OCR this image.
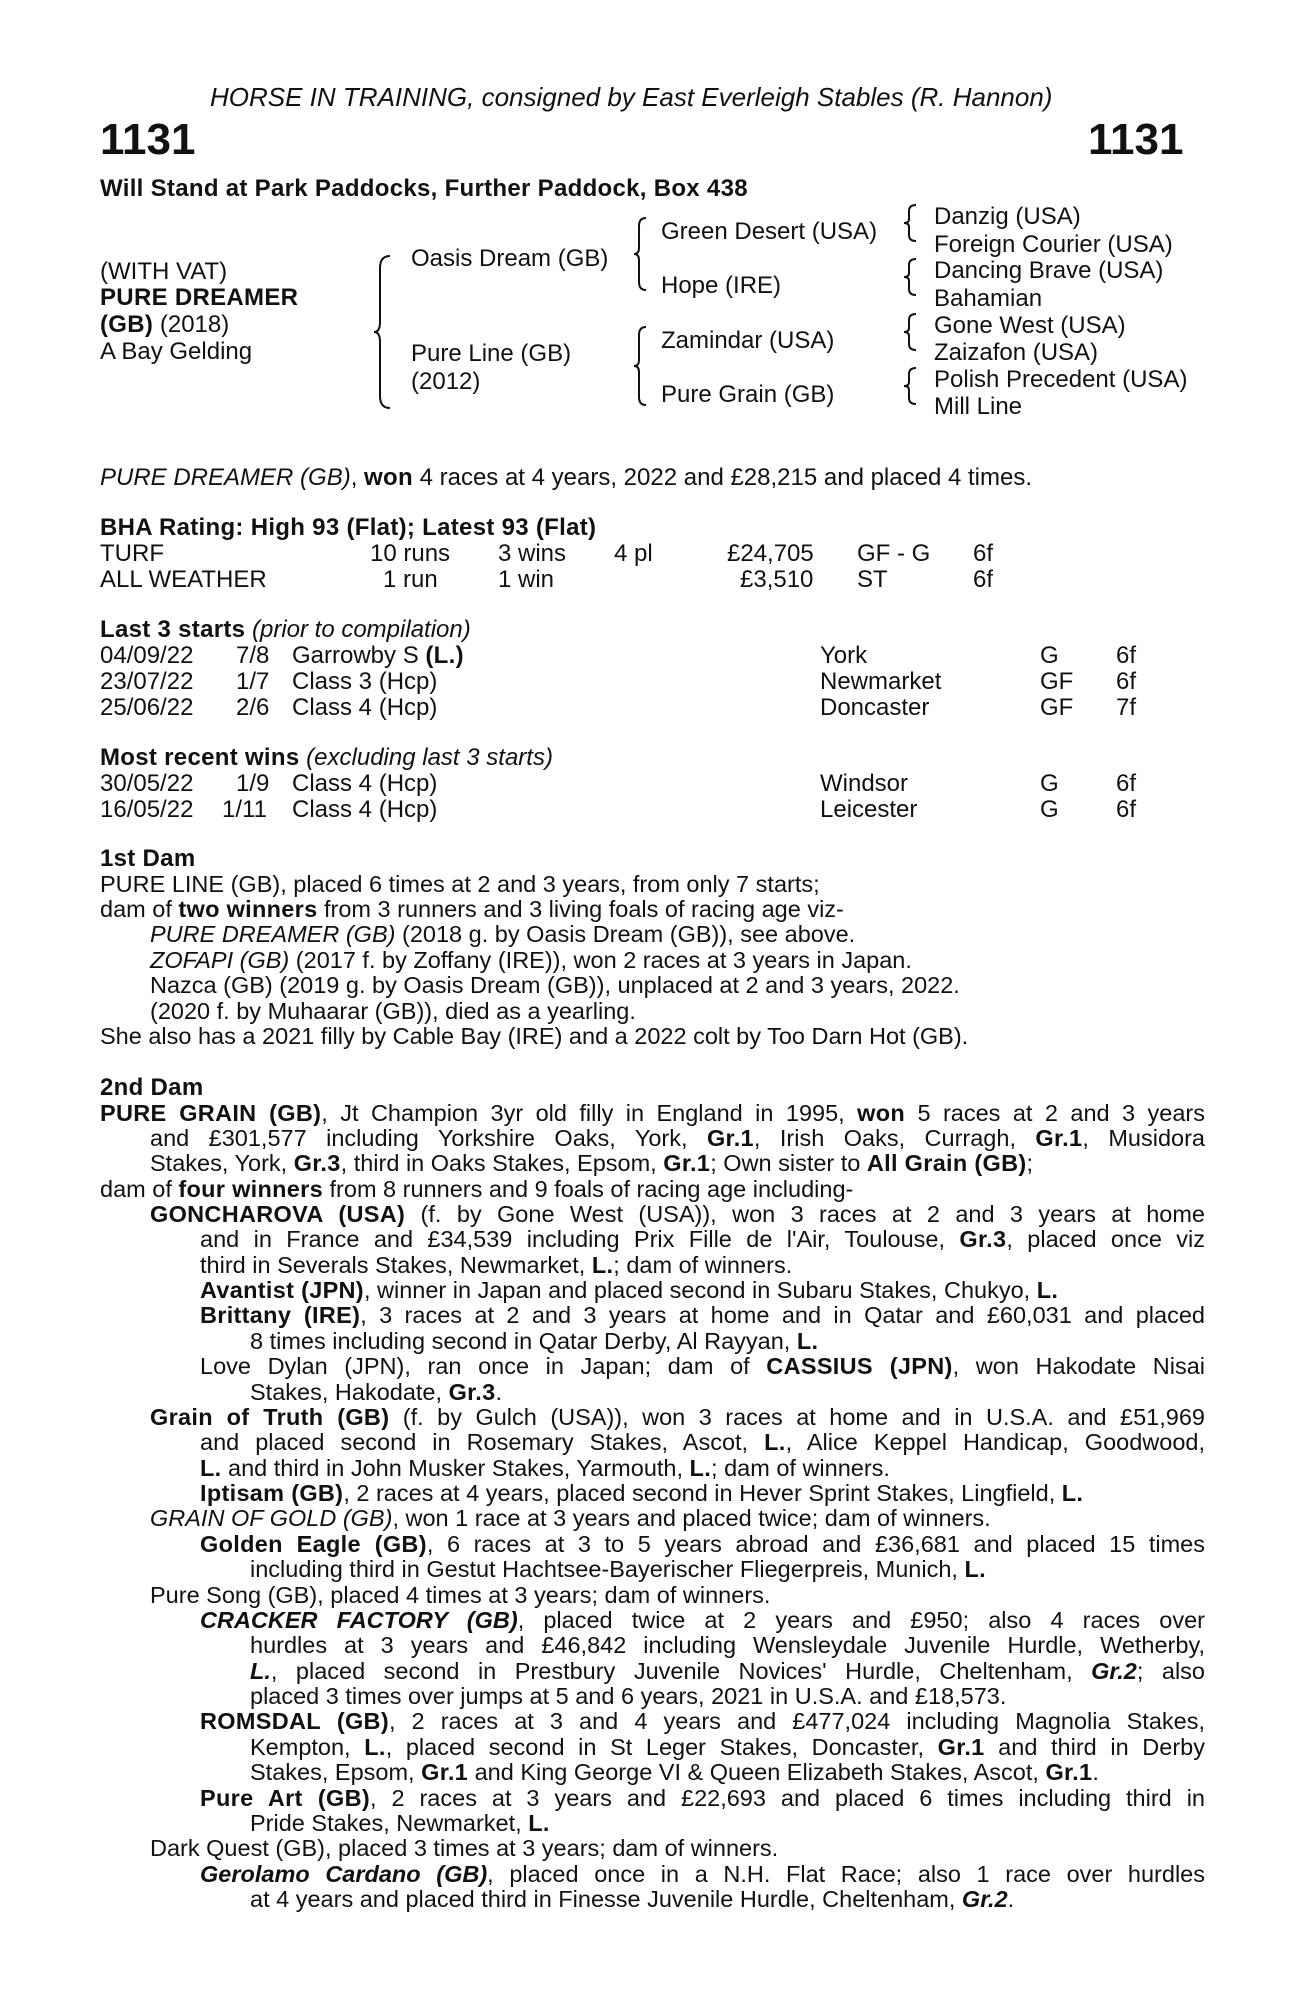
HORSE IN TRAINING, consigned by East Everleigh Stables (R. Hannon)
1131	1131
Will Stand at Park Paddocks, Further Paddock, Box 438
(WITH VAT)
PURE DREAMER
(GB) (2018)
A Bay Gelding
Oasis Dream (GB)
Pure Line (GB)
(2012)
Green Desert (USA)
Hope (IRE)
Zamindar (USA)
Pure Grain (GB)
Danzig (USA)
Foreign Courier (USA)
Dancing Brave (USA)
Bahamian
Gone West (USA)
Zaizafon (USA)
Polish Precedent (USA)
Mill Line
PURE DREAMER (GB), won 4 races at 4 years, 2022 and £28,215 and placed 4 times.
BHA Rating: High 93 (Flat); Latest 93 (Flat)
TURF	10 runs 3 wins 4 pl	£24,705 GF - G 6f
ALL WEATHER	1 run	1 win	£3,510 ST	6f
Last 3 starts (prior to compilation)
04/09/22 7/8 Garrowby S (L.)	York	G 6f
23/07/22 1/7 Class 3 (Hcp)	Newmarket	GF 6f
25/06/22 2/6 Class 4 (Hcp)	Doncaster	GF 7f
Most recent wins (excluding last 3 starts)
30/05/22 1/9 Class 4 (Hcp)	Windsor	G 6f
16/05/22 1/11 Class 4 (Hcp)	Leicester	G 6f
1st Dam
PURE LINE (GB), placed 6 times at 2 and 3 years, from only 7 starts;
dam of two winners from 3 runners and 3 living foals of racing age viz-
PURE DREAMER (GB) (2018 g. by Oasis Dream (GB)), see above.
ZOFAPI (GB) (2017 f. by Zoffany (IRE)), won 2 races at 3 years in Japan.
Nazca (GB) (2019 g. by Oasis Dream (GB)), unplaced at 2 and 3 years, 2022.
(2020 f. by Muhaarar (GB)), died as a yearling.
She also has a 2021 filly by Cable Bay (IRE) and a 2022 colt by Too Darn Hot (GB).
2nd Dam
PURE GRAIN (GB), Jt Champion 3yr old filly in England in 1995, won 5 races at 2 and 3 years
and £301,577 including Yorkshire Oaks, York, Gr.1, Irish Oaks, Curragh, Gr.1, Musidora
Stakes, York, Gr.3, third in Oaks Stakes, Epsom, Gr.1; Own sister to All Grain (GB);
dam of four winners from 8 runners and 9 foals of racing age including-
GONCHAROVA (USA) (f. by Gone West (USA)), won 3 races at 2 and 3 years at home
and in France and £34,539 including Prix Fille de l'Air, Toulouse, Gr.3, placed once viz
third in Severals Stakes, Newmarket, L.; dam of winners.
Avantist (JPN), winner in Japan and placed second in Subaru Stakes, Chukyo, L.
Brittany (IRE), 3 races at 2 and 3 years at home and in Qatar and £60,031 and placed
8 times including second in Qatar Derby, Al Rayyan, L.
Love Dylan (JPN), ran once in Japan; dam of CASSIUS (JPN), won Hakodate Nisai
Stakes, Hakodate, Gr.3.
Grain of Truth (GB) (f. by Gulch (USA)), won 3 races at home and in U.S.A. and £51,969
and placed second in Rosemary Stakes, Ascot, L., Alice Keppel Handicap, Goodwood,
L. and third in John Musker Stakes, Yarmouth, L.; dam of winners.
Iptisam (GB), 2 races at 4 years, placed second in Hever Sprint Stakes, Lingfield, L.
GRAIN OF GOLD (GB), won 1 race at 3 years and placed twice; dam of winners.
Golden Eagle (GB), 6 races at 3 to 5 years abroad and £36,681 and placed 15 times
including third in Gestut Hachtsee-Bayerischer Fliegerpreis, Munich, L.
Pure Song (GB), placed 4 times at 3 years; dam of winners.
CRACKER FACTORY (GB), placed twice at 2 years and £950; also 4 races over
hurdles at 3 years and £46,842 including Wensleydale Juvenile Hurdle, Wetherby,
L., placed second in Prestbury Juvenile Novices' Hurdle, Cheltenham, Gr.2; also
placed 3 times over jumps at 5 and 6 years, 2021 in U.S.A. and £18,573.
ROMSDAL (GB), 2 races at 3 and 4 years and £477,024 including Magnolia Stakes,
Kempton, L., placed second in St Leger Stakes, Doncaster, Gr.1 and third in Derby
Stakes, Epsom, Gr.1 and King George VI & Queen Elizabeth Stakes, Ascot, Gr.1.
Pure Art (GB), 2 races at 3 years and £22,693 and placed 6 times including third in
Pride Stakes, Newmarket, L.
Dark Quest (GB), placed 3 times at 3 years; dam of winners.
Gerolamo Cardano (GB), placed once in a N.H. Flat Race; also 1 race over hurdles
at 4 years and placed third in Finesse Juvenile Hurdle, Cheltenham, Gr.2.
